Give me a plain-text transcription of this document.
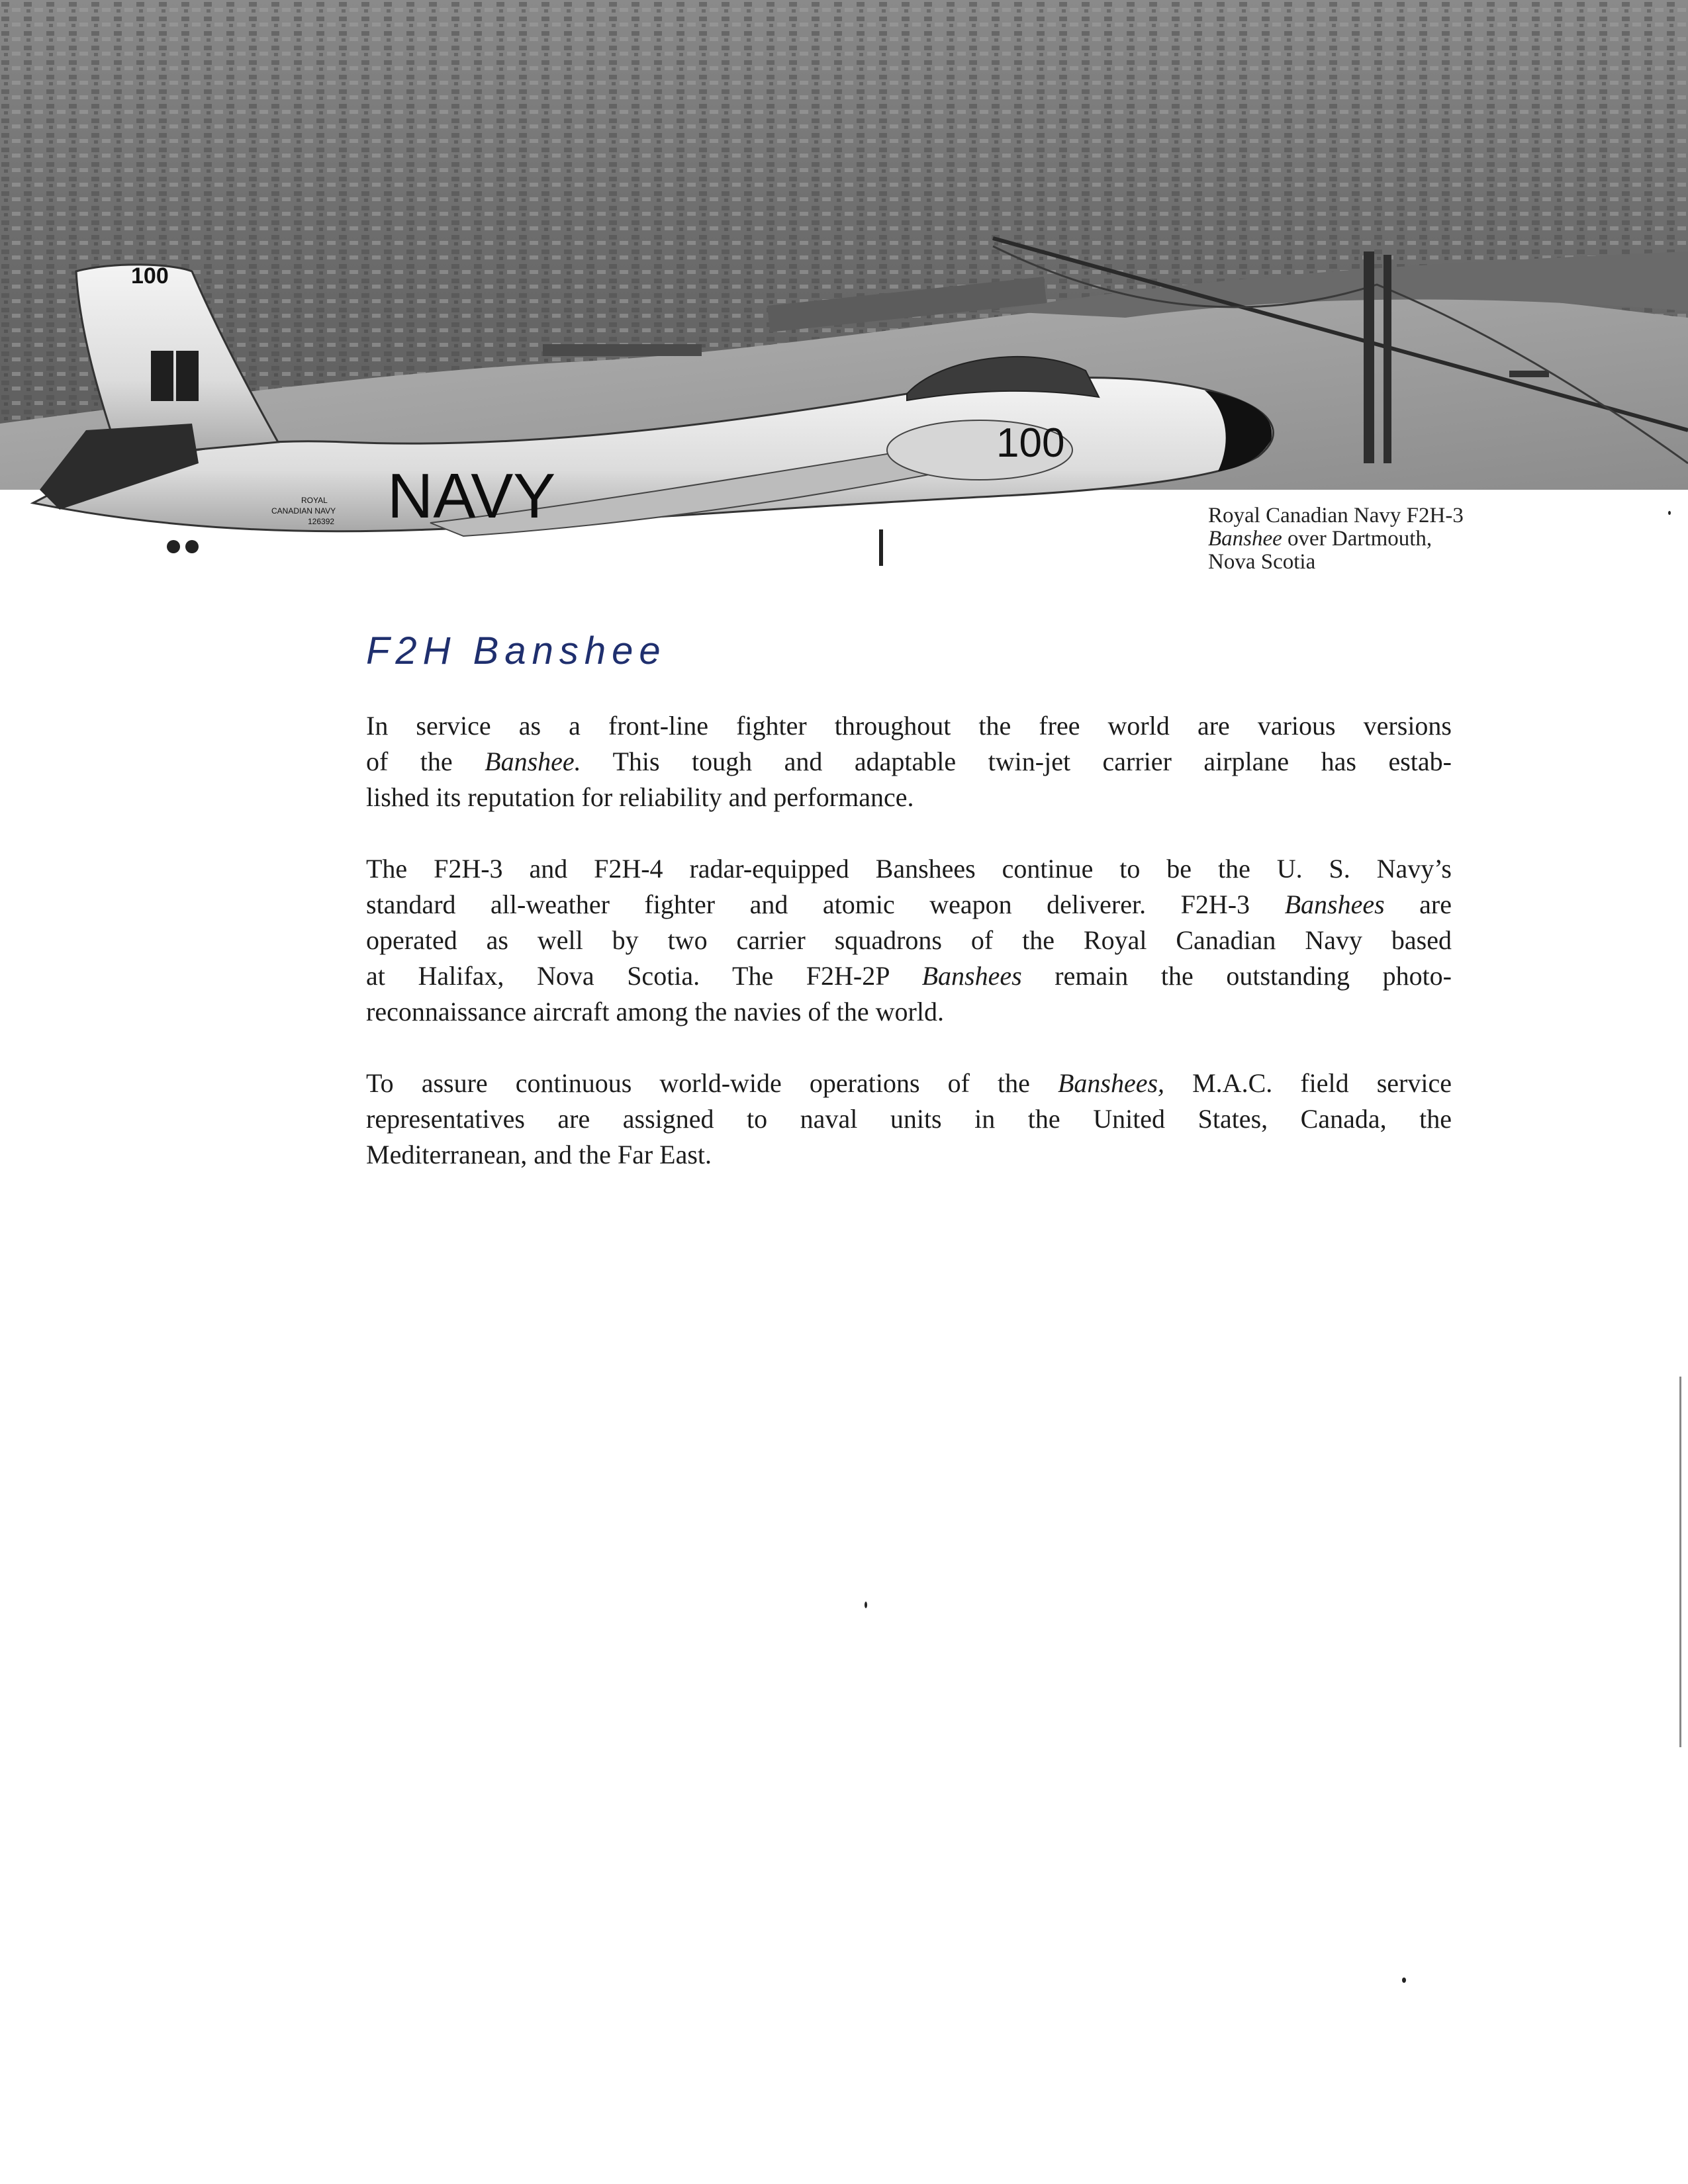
100
100
NAVY
ROYAL
CANADIAN NAVY
126392	Royal Canadian Navy F2H-3
Banshee over Dartmouth,
Nova Scotia
F2H Banshee

In service as a front-line fighter throughout the free world are various versions
of the Banshee. This tough and adaptable twin-jet carrier airplane has estab-
lished its reputation for reliability and performance.

The F2H-3 and F2H-4 radar-equipped Banshees continue to be the U. S. Navy’s
standard all-weather fighter and atomic weapon deliverer. F2H-3 Banshees are
operated as well by two carrier squadrons of the Royal Canadian Navy based
at Halifax, Nova Scotia. The F2H-2P Banshees remain the outstanding photo-
reconnaissance aircraft among the navies of the world.

To assure continuous world-wide operations of the Banshees, M.A.C. field service
representatives are assigned to naval units in the United States, Canada, the
Mediterranean, and the Far East.
